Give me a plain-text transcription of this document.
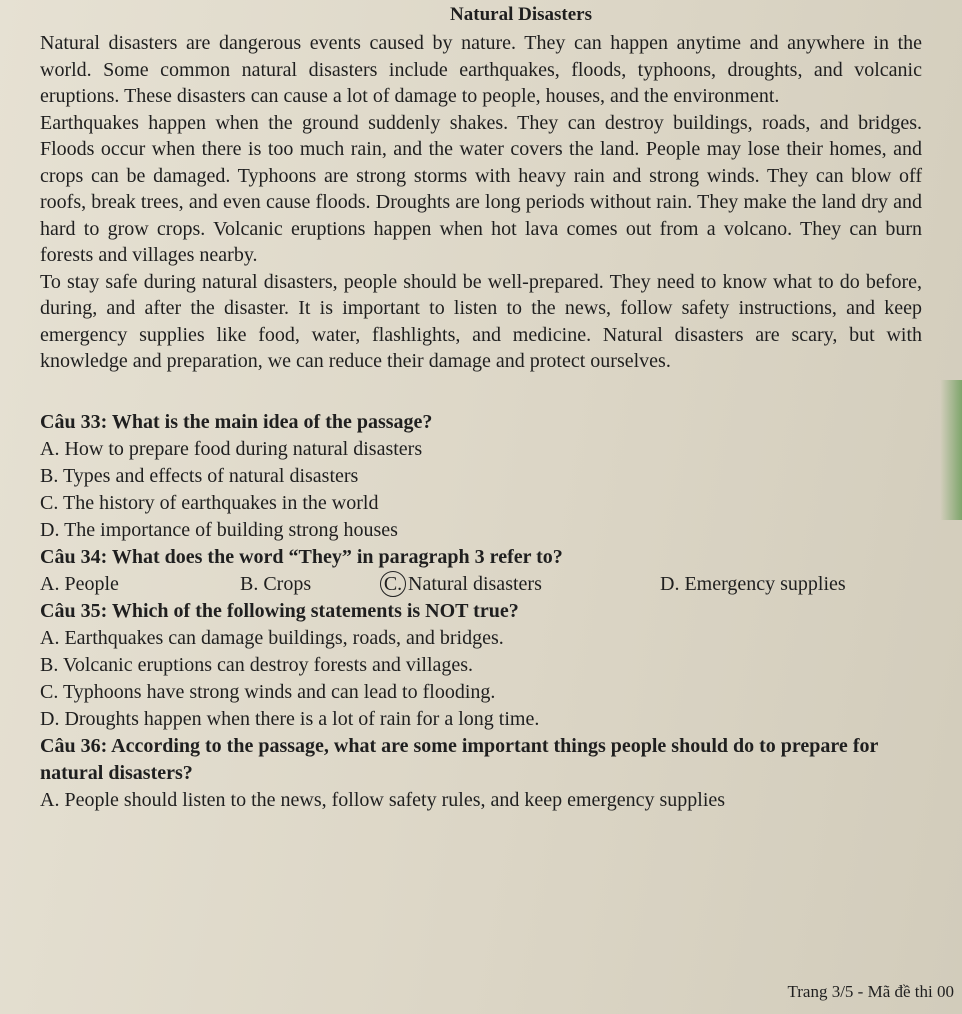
Natural Disasters

Natural disasters are dangerous events caused by nature. They can happen anytime and anywhere in the world. Some common natural disasters include earthquakes, floods, typhoons, droughts, and volcanic eruptions. These disasters can cause a lot of damage to people, houses, and the environment.

Earthquakes happen when the ground suddenly shakes. They can destroy buildings, roads, and bridges. Floods occur when there is too much rain, and the water covers the land. People may lose their homes, and crops can be damaged. Typhoons are strong storms with heavy rain and strong winds. They can blow off roofs, break trees, and even cause floods. Droughts are long periods without rain. They make the land dry and hard to grow crops. Volcanic eruptions happen when hot lava comes out from a volcano. They can burn forests and villages nearby.

To stay safe during natural disasters, people should be well-prepared. They need to know what to do before, during, and after the disaster. It is important to listen to the news, follow safety instructions, and keep emergency supplies like food, water, flashlights, and medicine. Natural disasters are scary, but with knowledge and preparation, we can reduce their damage and protect ourselves.

Câu 33: What is the main idea of the passage?

A. How to prepare food during natural disasters

B. Types and effects of natural disasters

C. The history of earthquakes in the world

D. The importance of building strong houses

Câu 34: What does the word “They” in paragraph 3 refer to?

A. People	B. Crops	C. Natural disasters	D. Emergency supplies

Câu 35: Which of the following statements is NOT true?

A. Earthquakes can damage buildings, roads, and bridges.

B. Volcanic eruptions can destroy forests and villages.

C. Typhoons have strong winds and can lead to flooding.

D. Droughts happen when there is a lot of rain for a long time.

Câu 36: According to the passage, what are some important things people should do to prepare for natural disasters?

A. People should listen to the news, follow safety rules, and keep emergency supplies

Trang 3/5 - Mã đề thi 00
